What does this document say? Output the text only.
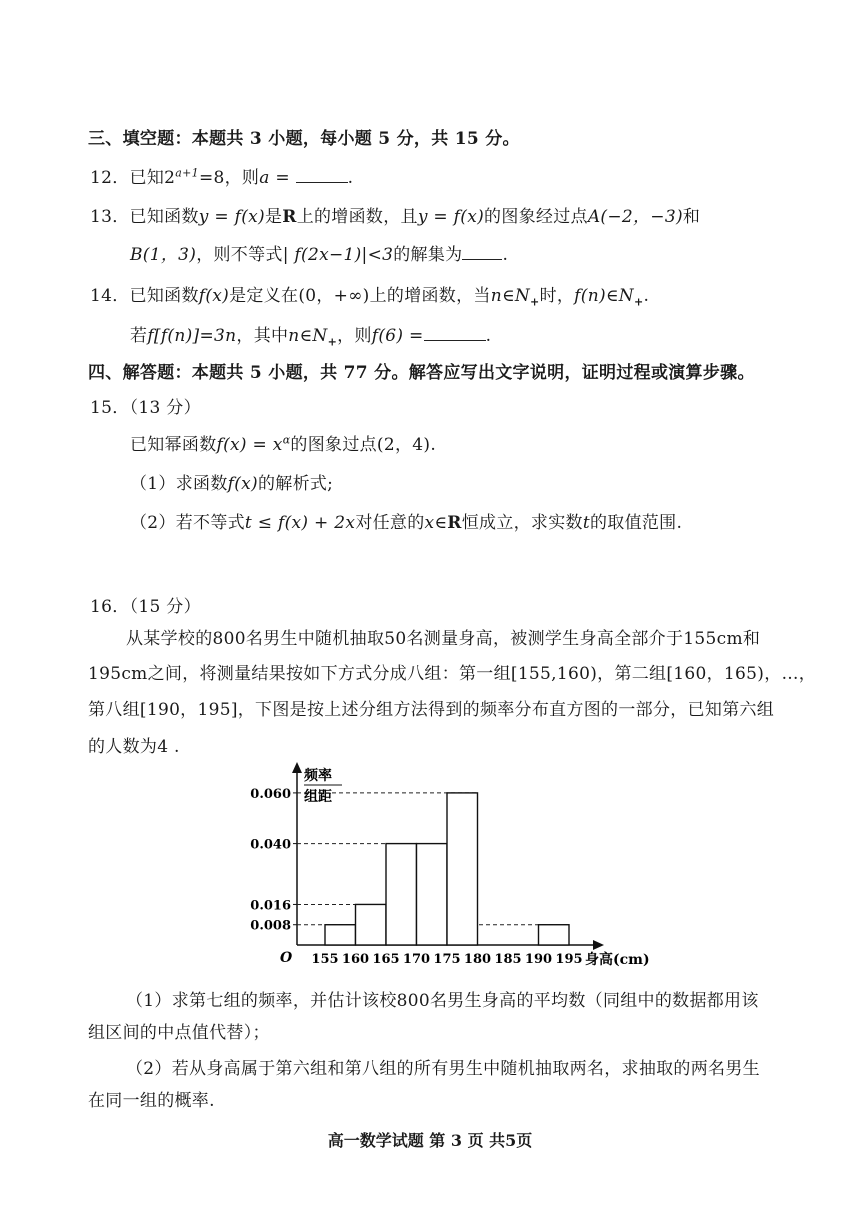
三、填空题：本题共 3 小题，每小题 5 分，共 15 分。
12．已知$2^{a+1}=8$，则a =	.
13．已知函数y = f(x)是R上的增函数，且y = f(x)的图象经过点A(−2，−3)和
B(1，3)，则不等式| f(2x−1)|<3的解集为 .
14．已知函数f(x)是定义在(0，+∞)上的增函数，当$n\in N_+$时，$f(n)\in N_+$.
若f[f(n)]=3n，其中$n\in N_+$，则f(6) =	.
四、解答题：本题共 5 小题，共 77 分。解答应写出文字说明，证明过程或演算步骤。
15．（13 分）
已知幂函数$f(x) = x^\alpha$的图象过点(2，4).
（1）求函数f(x)的解析式;
（2）若不等式t ≤ f(x) + 2x对任意的x∈R恒成立，求实数t的取值范围.
16．（15 分）
从某学校的800名男生中随机抽取50名测量身高，被测学生身高全部介于155cm和
195cm之间，将测量结果按如下方式分成八组：第一组[155,160)，第二组[160，165)，…，
第八组[190，195]，下图是按上述分组方法得到的频率分布直方图的一部分，已知第六组
的人数为4 .
频率
组距
O	身高(cm)
0.008
0.016
0.040
0.060
155 160 165 170 175 180 185 190 195
（1）求第七组的频率，并估计该校800名男生身高的平均数（同组中的数据都用该
组区间的中点值代替）；
（2）若从身高属于第六组和第八组的所有男生中随机抽取两名，求抽取的两名男生
在同一组的概率.
高一数学试题 第 3 页 共5页
